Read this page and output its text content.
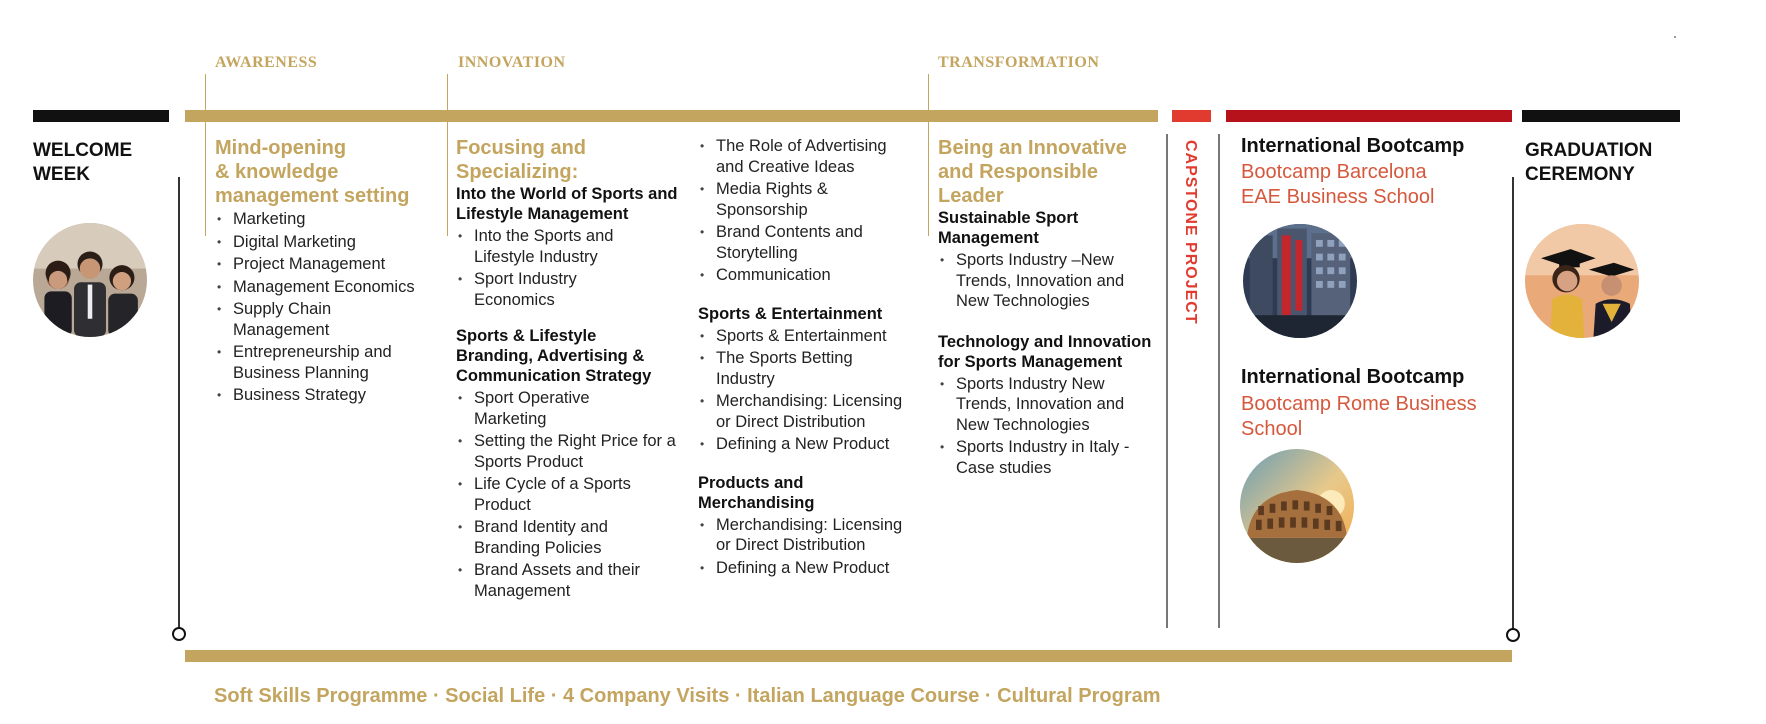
AWARENESS	INNOVATION	TRANSFORMATION
WELCOME
WEEK
Mind-opening
& knowledge
management setting
• Marketing
• Digital Marketing
• Project Management
• Management Economics
• Supply Chain Management
• Entrepreneurship and Business Planning
• Business Strategy
Focusing and
Specializing:
Into the World of Sports and Lifestyle Management
• Into the Sports and Lifestyle Industry
• Sport Industry Economics
Sports & Lifestyle Branding, Advertising & Communication Strategy
• Sport Operative Marketing
• Setting the Right Price for a Sports Product
• Life Cycle of a Sports Product
• Brand Identity and Branding Policies
• Brand Assets and their Management
• The Role of Advertising and Creative Ideas
• Media Rights & Sponsorship
• Brand Contents and Storytelling
• Communication
Sports & Entertainment
• Sports & Entertainment
• The Sports Betting Industry
• Merchandising: Licensing or Direct Distribution
• Defining a New Product
Products and Merchandising
• Merchandising: Licensing or Direct Distribution
• Defining a New Product
Being an Innovative
and Responsible
Leader
Sustainable Sport Management
• Sports Industry –New Trends, Innovation and New Technologies
Technology and Innovation for Sports Management
• Sports Industry New Trends, Innovation and New Technologies
• Sports Industry in Italy - Case studies
CAPSTONE PROJECT International Bootcamp
Bootcamp Barcelona
EAE Business School
International Bootcamp
Bootcamp Rome Business
School
GRADUATION
CEREMONY
Soft Skills Programme · Social Life · 4 Company Visits · Italian Language Course · Cultural Program
